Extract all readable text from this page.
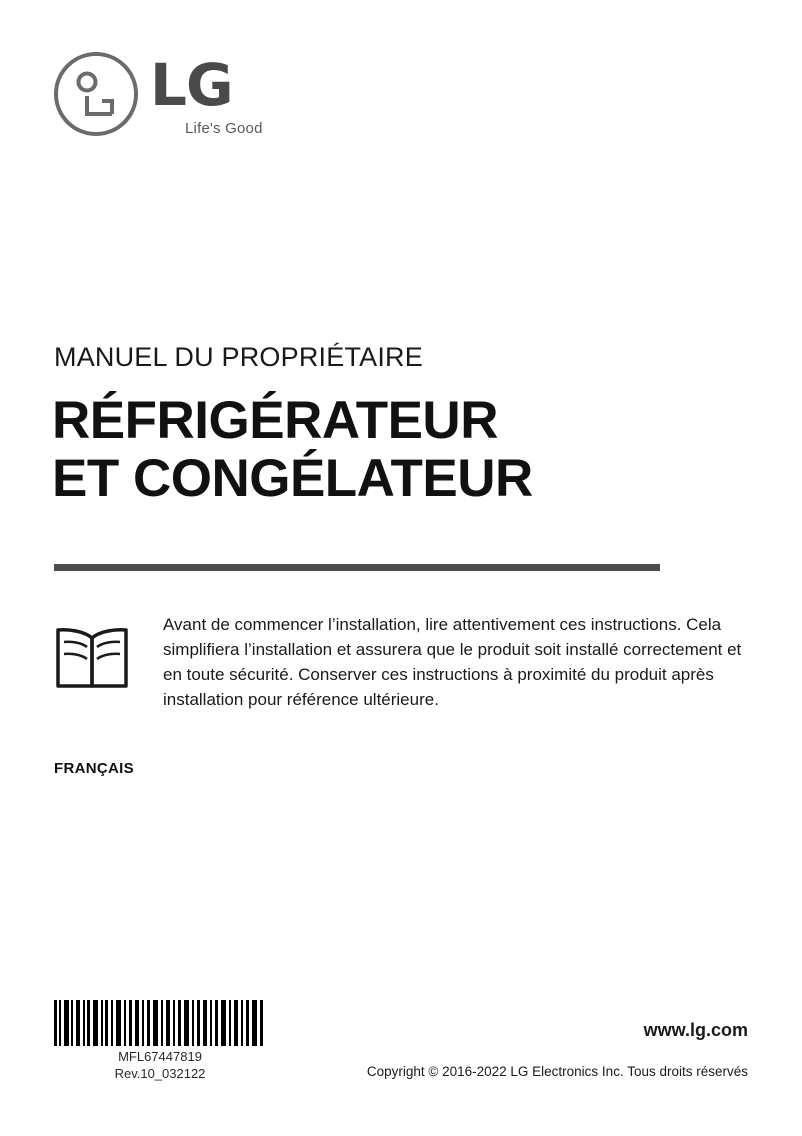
LG
Life's Good
MANUEL DU PROPRIÉTAIRE
RÉFRIGÉRATEUR
ET CONGÉLATEUR
Avant de commencer l’installation, lire attentivement ces instructions. Cela simplifiera l’installation et assurera que le produit soit installé correctement et en toute sécurité. Conserver ces instructions à proximité du produit après installation pour référence ultérieure.
FRANÇAIS
MFL67447819
Rev.10_032122
www.lg.com
Copyright © 2016-2022 LG Electronics Inc. Tous droits réservés
